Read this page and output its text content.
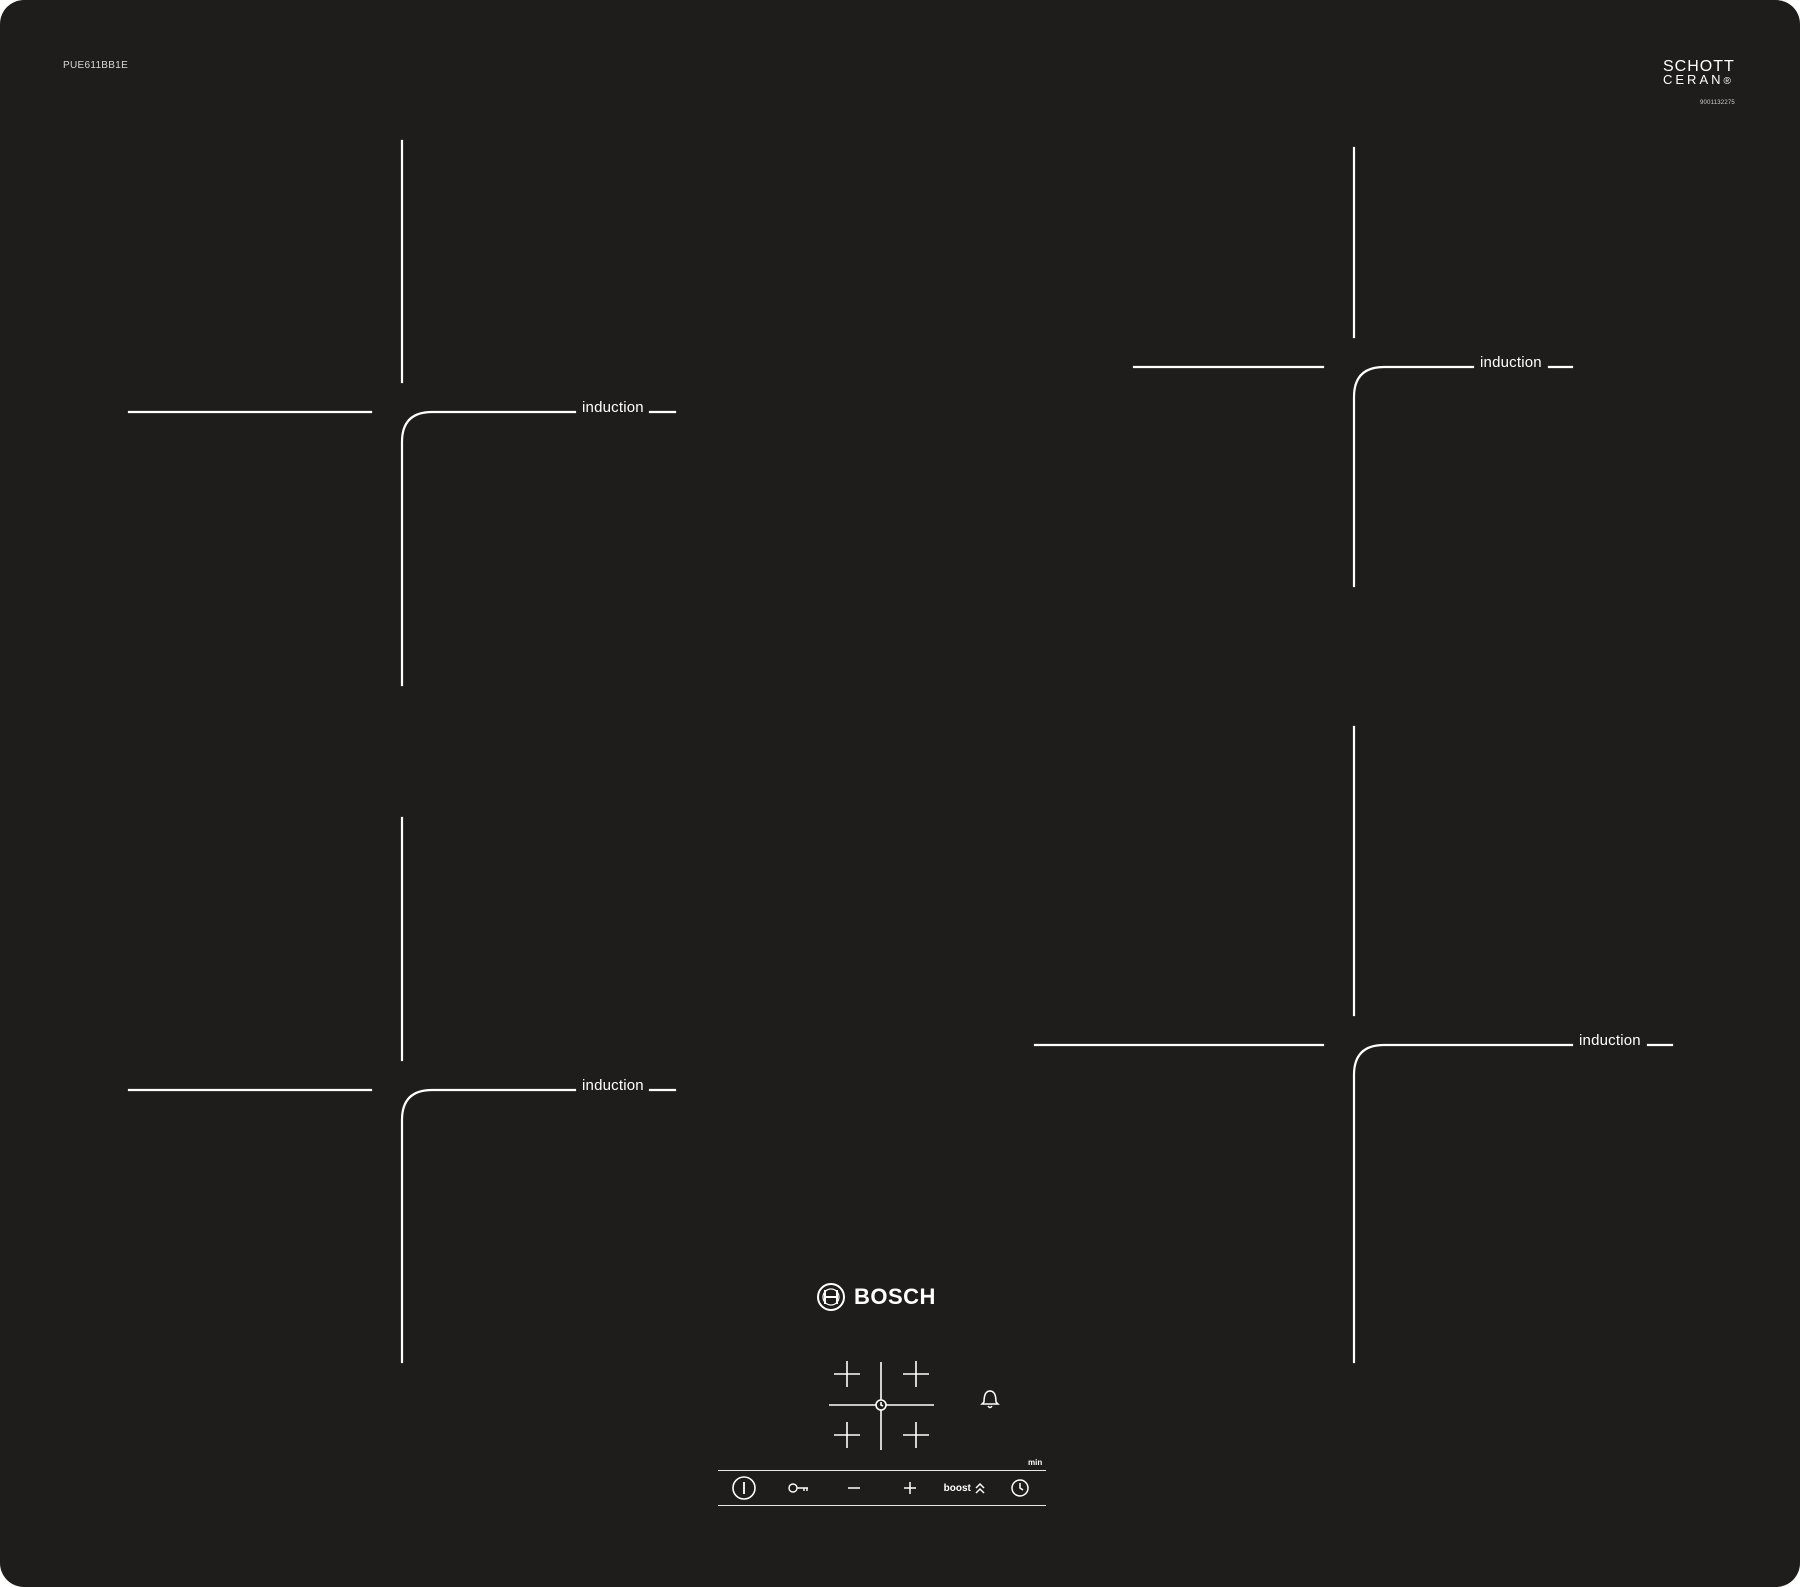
PUE611BB1E	SCHOTT
CERAN®
9001132275
induction
induction
induction
induction
BOSCH
min
boost
